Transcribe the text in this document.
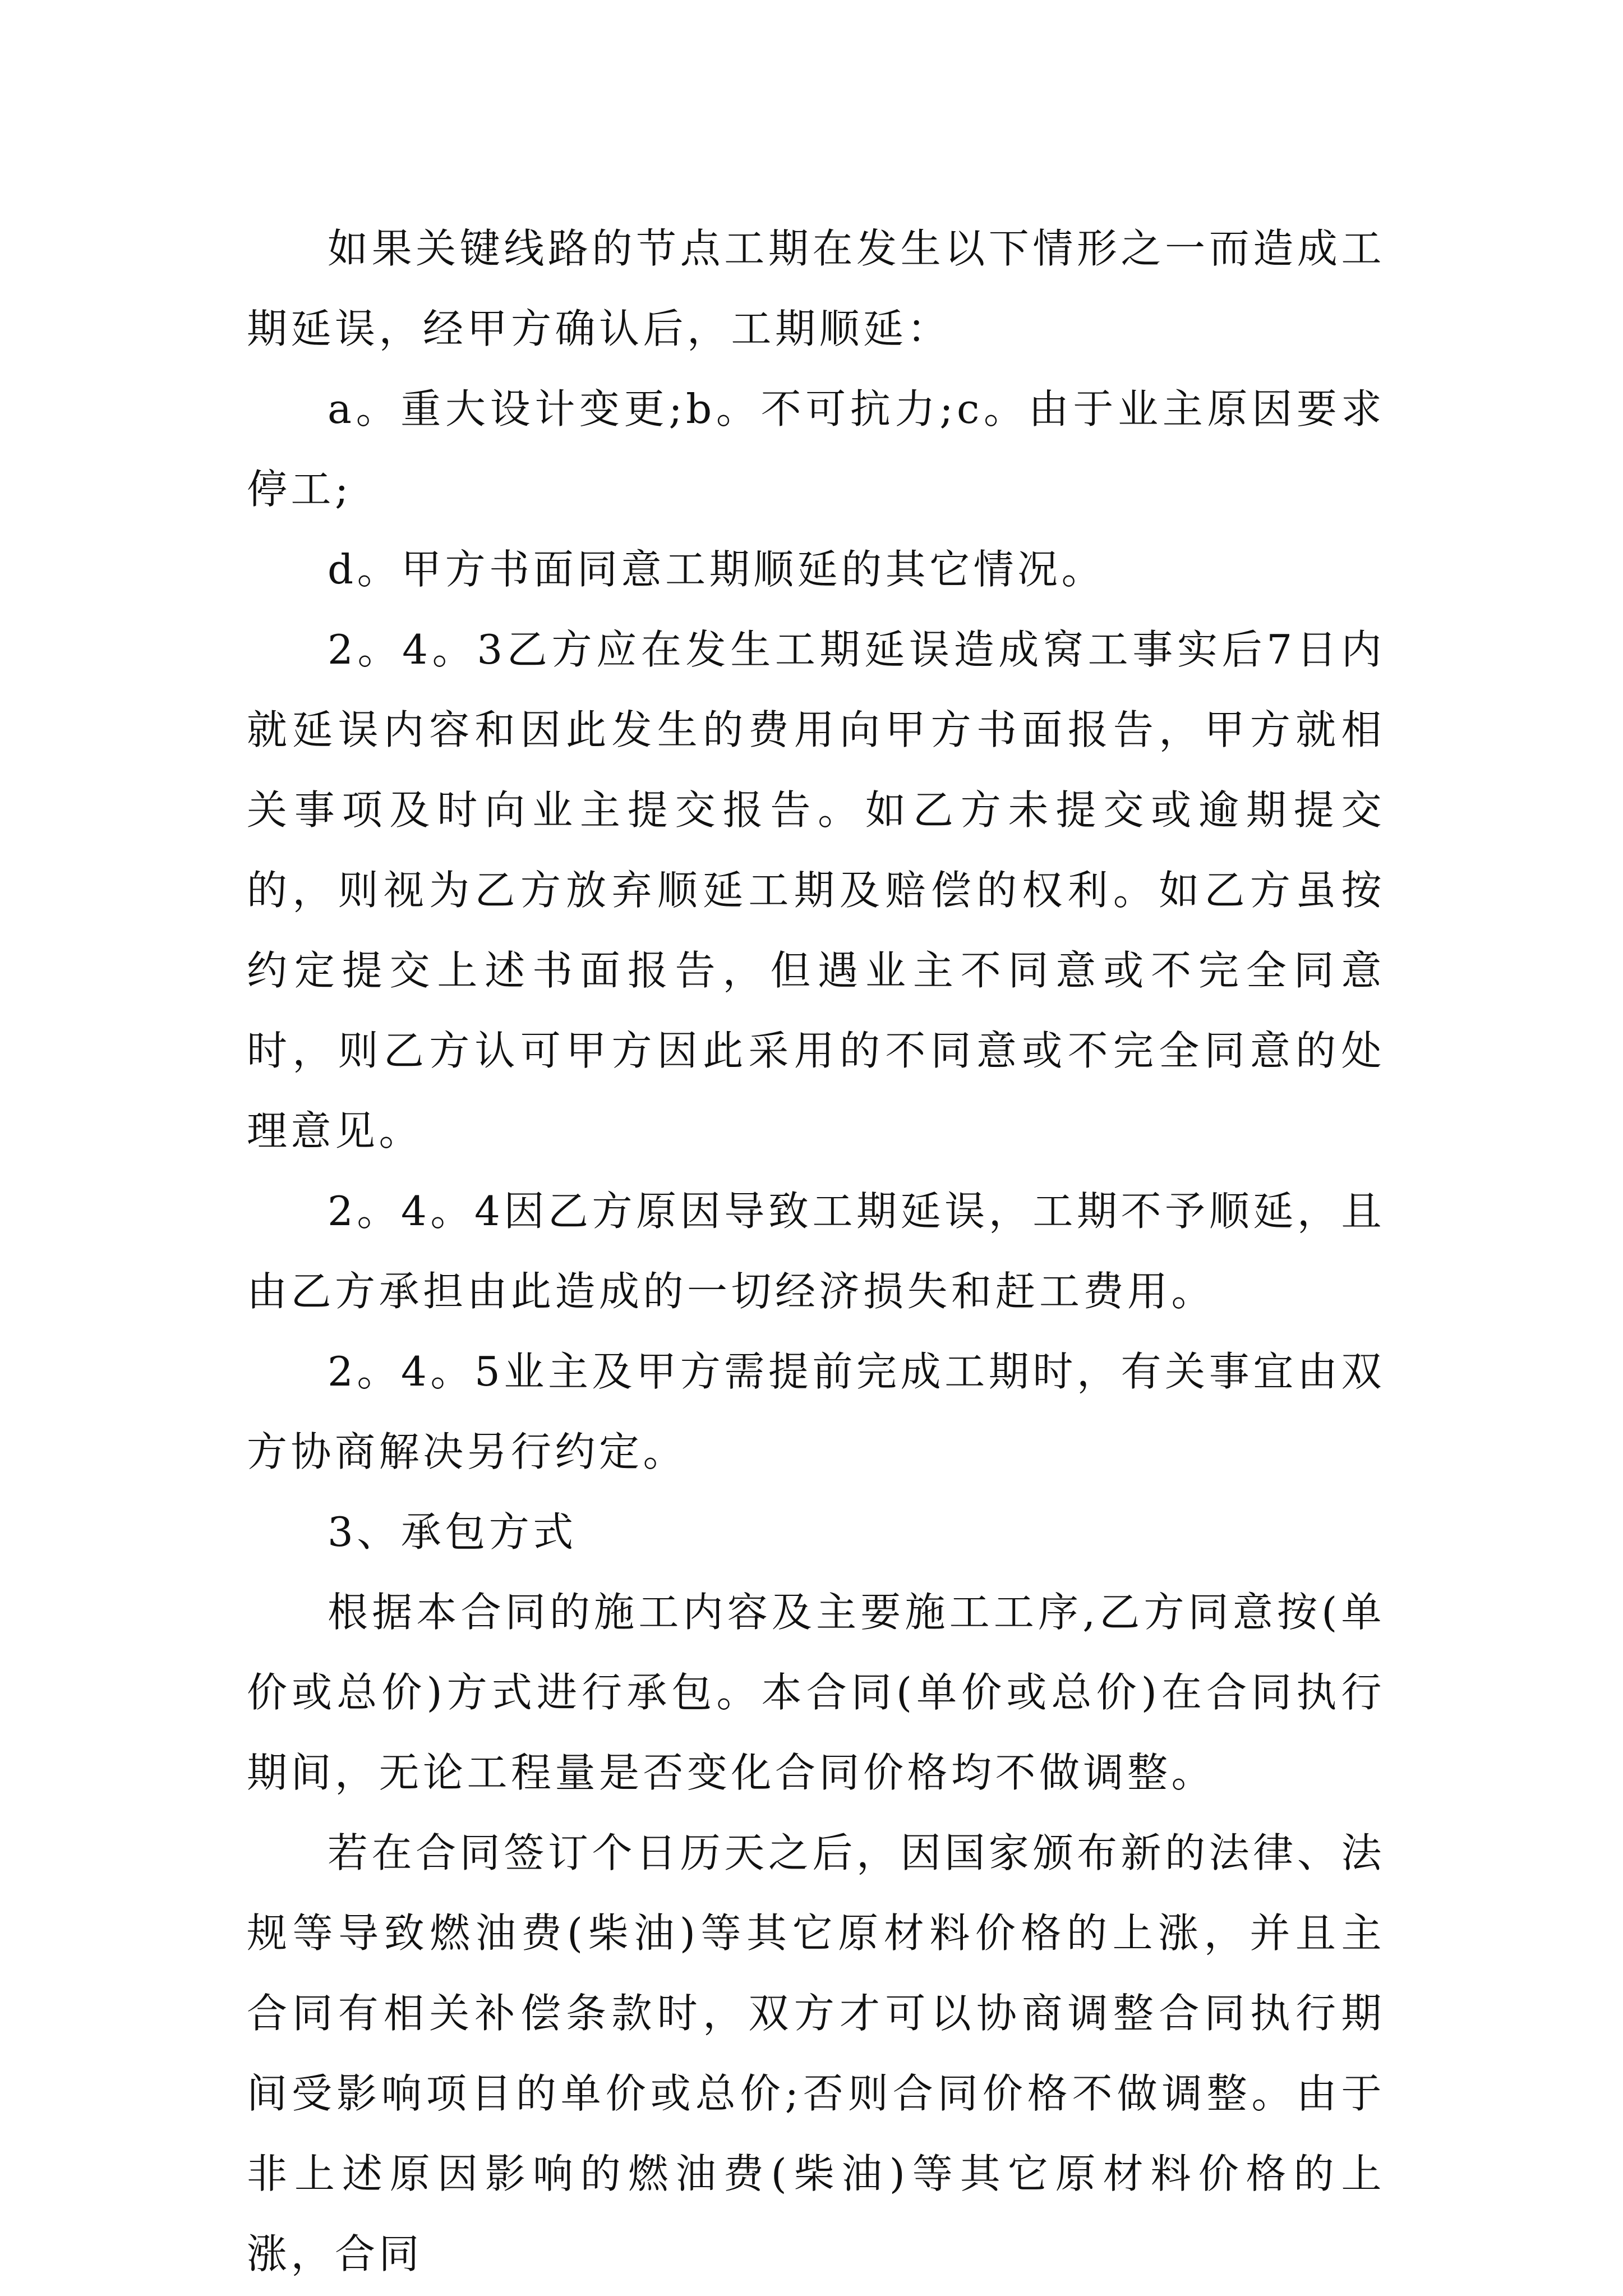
如果关键线路的节点工期在发生以下情形之一而造成工期延误，经甲方确认后，工期顺延：

a。重大设计变更;b。不可抗力;c。由于业主原因要求停工;

d。甲方书面同意工期顺延的其它情况。

2。4。3乙方应在发生工期延误造成窝工事实后7日内就延误内容和因此发生的费用向甲方书面报告，甲方就相关事项及时向业主提交报告。如乙方未提交或逾期提交的，则视为乙方放弃顺延工期及赔偿的权利。如乙方虽按约定提交上述书面报告，但遇业主不同意或不完全同意时，则乙方认可甲方因此采用的不同意或不完全同意的处理意见。

2。4。4因乙方原因导致工期延误，工期不予顺延，且由乙方承担由此造成的一切经济损失和赶工费用。

2。4。5业主及甲方需提前完成工期时，有关事宜由双方协商解决另行约定。

3、承包方式

根据本合同的施工内容及主要施工工序,乙方同意按(单价或总价)方式进行承包。本合同(单价或总价)在合同执行期间，无论工程量是否变化合同价格均不做调整。

若在合同签订个日历天之后，因国家颁布新的法律、法规等导致燃油费(柴油)等其它原材料价格的上涨，并且主合同有相关补偿条款时，双方才可以协商调整合同执行期间受影响项目的单价或总价;否则合同价格不做调整。由于非上述原因影响的燃油费(柴油)等其它原材料价格的上涨，合同
